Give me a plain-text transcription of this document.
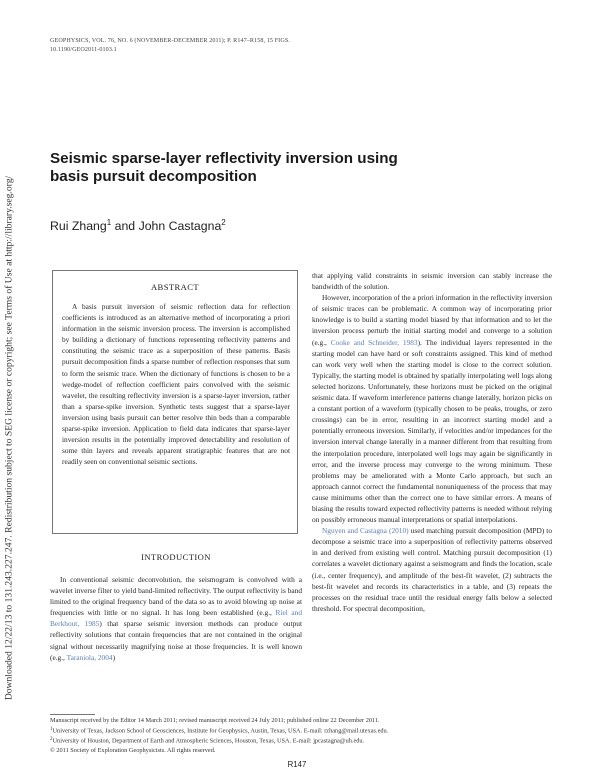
Downloaded 12/22/13 to 131.243.227.247. Redistribution subject to SEG license or copyright; see Terms of Use at http://library.seg.org/
GEOPHYSICS, VOL. 76, NO. 6 (NOVEMBER-DECEMBER 2011); P. R147–R158, 15 FIGS.
10.1190/GEO2011-0103.1
Seismic sparse-layer reflectivity inversion using basis pursuit decomposition
Rui Zhang$^1$ and John Castagna$^2$
ABSTRACT

A basis pursuit inversion of seismic reflection data for reflection coefficients is introduced as an alternative method of incorporating a priori information in the seismic inversion process. The inversion is accomplished by building a dictionary of functions representing reflectivity patterns and constituting the seismic trace as a superposition of these patterns. Basis pursuit decomposition finds a sparse number of reflection responses that sum to form the seismic trace. When the dictionary of functions is chosen to be a wedge-model of reflection coefficient pairs convolved with the seismic wavelet, the resulting reflectivity inversion is a sparse-layer inversion, rather than a sparse-spike inversion. Synthetic tests suggest that a sparse-layer inversion using basis pursuit can better resolve thin beds than a comparable sparse-spike inversion. Application to field data indicates that sparse-layer inversion results in the potentially improved detectability and resolution of some thin layers and reveals apparent stratigraphic features that are not readily seen on conventional seismic sections.

INTRODUCTION

In conventional seismic deconvolution, the seismogram is convolved with a wavelet inverse filter to yield band-limited reflectivity. The output reflectivity is band limited to the original frequency band of the data so as to avoid blowing up noise at frequencies with little or no signal. It has long been established (e.g., Riel and Berkhout, 1985) that sparse seismic inversion methods can produce output reflectivity solutions that contain frequencies that are not contained in the original signal without necessarily magnifying noise at those frequencies. It is well known (e.g., Taraniola, 2004)

that applying valid constraints in seismic inversion can stably increase the bandwidth of the solution.

However, incorporation of the a priori information in the reflectivity inversion of seismic traces can be problematic. A common way of incorporating prior knowledge is to build a starting model biased by that information and to let the inversion process perturb the initial starting model and converge to a solution (e.g., Cooke and Schneider, 1983). The individual layers represented in the starting model can have hard or soft constraints assigned. This kind of method can work very well when the starting model is close to the correct solution. Typically, the starting model is obtained by spatially interpolating well logs along selected horizons. Unfortunately, these horizons must be picked on the original seismic data. If waveform interference patterns change laterally, horizon picks on a constant portion of a waveform (typically chosen to be peaks, troughs, or zero crossings) can be in error, resulting in an incorrect starting model and a potentially erroneous inversion. Similarly, if velocities and/or impedances for the inversion interval change laterally in a manner different from that resulting from the interpolation procedure, interpolated well logs may again be significantly in error, and the inverse process may converge to the wrong minimum. These problems may be ameliorated with a Monte Carlo approach, but such an approach cannot correct the fundamental nonuniqueness of the process that may cause minimums other than the correct one to have similar errors. A means of biasing the results toward expected reflectivity patterns is needed without relying on possibly erroneous manual interpretations or spatial interpolations.

Nguyen and Castagna (2010) used matching pursuit decomposition (MPD) to decompose a seismic trace into a superposition of reflectivity patterns observed in and derived from existing well control. Matching pursuit decomposition (1) correlates a wavelet dictionary against a seismogram and finds the location, scale (i.e., center frequency), and amplitude of the best-fit wavelet, (2) subtracts the best-fit wavelet and records its characteristics in a table, and (3) repeats the processes on the residual trace until the residual energy falls below a selected threshold. For spectral decomposition,

Manuscript received by the Editor 14 March 2011; revised manuscript received 24 July 2011; published online 22 December 2011.
$^1$University of Texas, Jackson School of Geosciences, Institute for Geophysics, Austin, Texas, USA. E-mail: rzhang@mail.utexas.edu.
$^2$University of Houston, Department of Earth and Atmospheric Sciences, Houston, Texas, USA. E-mail: jpcastagna@uh.edu.
© 2011 Society of Exploration Geophysicists. All rights reserved.
R147
